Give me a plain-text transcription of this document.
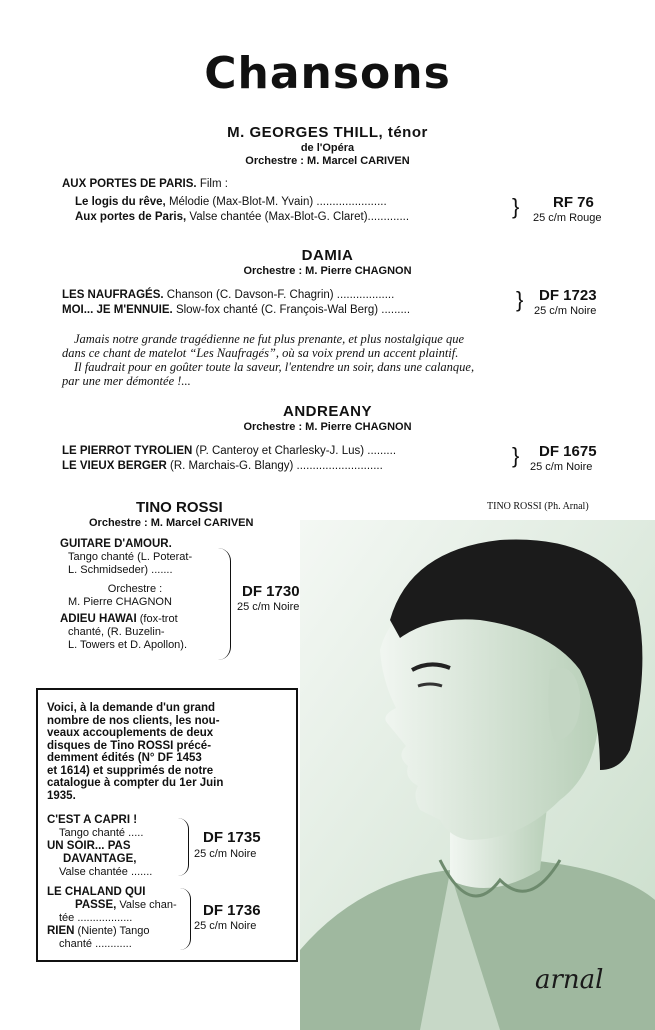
Chansons
M. GEORGES THILL, ténor
de l'Opéra
Orchestre : M. Marcel CARIVEN
AUX PORTES DE PARIS. Film :
Le logis du rêve, Mélodie (Max-Blot-M. Yvain) ......................
Aux portes de Paris, Valse chantée (Max-Blot-G. Claret).............	} RF 76
25 c/m Rouge
DAMIA
Orchestre : M. Pierre CHAGNON
LES NAUFRAGÉS. Chanson (C. Davson-F. Chagrin) ..................
MOI... JE M'ENNUIE. Slow-fox chanté (C. François-Wal Berg) .........	} DF 1723
25 c/m Noire
Jamais notre grande tragédienne ne fut plus prenante, et plus nostalgique que
dans ce chant de matelot “Les Naufragés”, où sa voix prend un accent plaintif.
Il faudrait pour en goûter toute la saveur, l'entendre un soir, dans une calanque,
par une mer démontée !...
ANDREANY
Orchestre : M. Pierre CHAGNON
LE PIERROT TYROLIEN (P. Canteroy et Charlesky-J. Lus) .........
LE VIEUX BERGER (R. Marchais-G. Blangy) ...........................	} DF 1675
25 c/m Noire
TINO ROSSI
Orchestre : M. Marcel CARIVEN
TINO ROSSI (Ph. Arnal)
GUITARE D'AMOUR.
Tango chanté (L. Poterat-
L. Schmidseder) .......
Orchestre :
M. Pierre CHAGNON
ADIEU HAWAI (fox-trot
chanté, (R. Buzelin-
L. Towers et D. Apollon).
DF 1730
25 c/m Noire
Voici, à la demande d'un grand
nombre de nos clients, les nou-
veaux accouplements de deux
disques de Tino ROSSI précé-
demment édités (N° DF 1453
et 1614) et supprimés de notre
catalogue à compter du 1er Juin
1935.
C'EST A CAPRI !
Tango chanté .....
UN SOIR... PAS
DAVANTAGE,
Valse chantée .......
DF 1735
25 c/m Noire
LE CHALAND QUI
PASSE, Valse chan-
tée ..................
RIEN (Niente) Tango
chanté ............
DF 1736
25 c/m Noire
arnal
